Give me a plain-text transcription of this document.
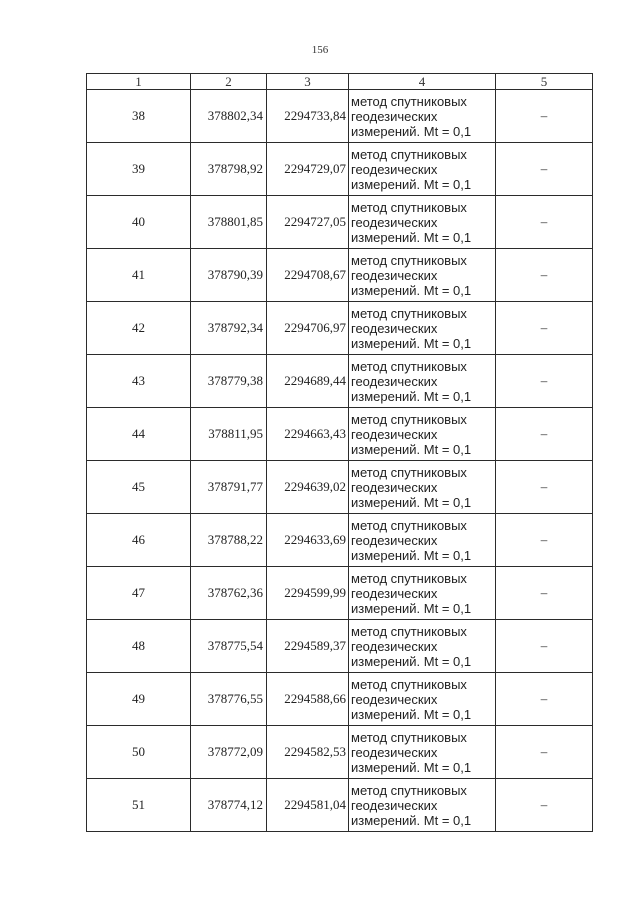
156
1	2	3	4	5
38	378802,34	2294733,84	метод спутниковых геодезических измерений. Mt = 0,1	–
39	378798,92	2294729,07	метод спутниковых геодезических измерений. Mt = 0,1	–
40	378801,85	2294727,05	метод спутниковых геодезических измерений. Mt = 0,1	–
41	378790,39	2294708,67	метод спутниковых геодезических измерений. Mt = 0,1	–
42	378792,34	2294706,97	метод спутниковых геодезических измерений. Mt = 0,1	–
43	378779,38	2294689,44	метод спутниковых геодезических измерений. Mt = 0,1	–
44	378811,95	2294663,43	метод спутниковых геодезических измерений. Mt = 0,1	–
45	378791,77	2294639,02	метод спутниковых геодезических измерений. Mt = 0,1	–
46	378788,22	2294633,69	метод спутниковых геодезических измерений. Mt = 0,1	–
47	378762,36	2294599,99	метод спутниковых геодезических измерений. Mt = 0,1	–
48	378775,54	2294589,37	метод спутниковых геодезических измерений. Mt = 0,1	–
49	378776,55	2294588,66	метод спутниковых геодезических измерений. Mt = 0,1	–
50	378772,09	2294582,53	метод спутниковых геодезических измерений. Mt = 0,1	–
51	378774,12	2294581,04	метод спутниковых геодезических измерений. Mt = 0,1	–
